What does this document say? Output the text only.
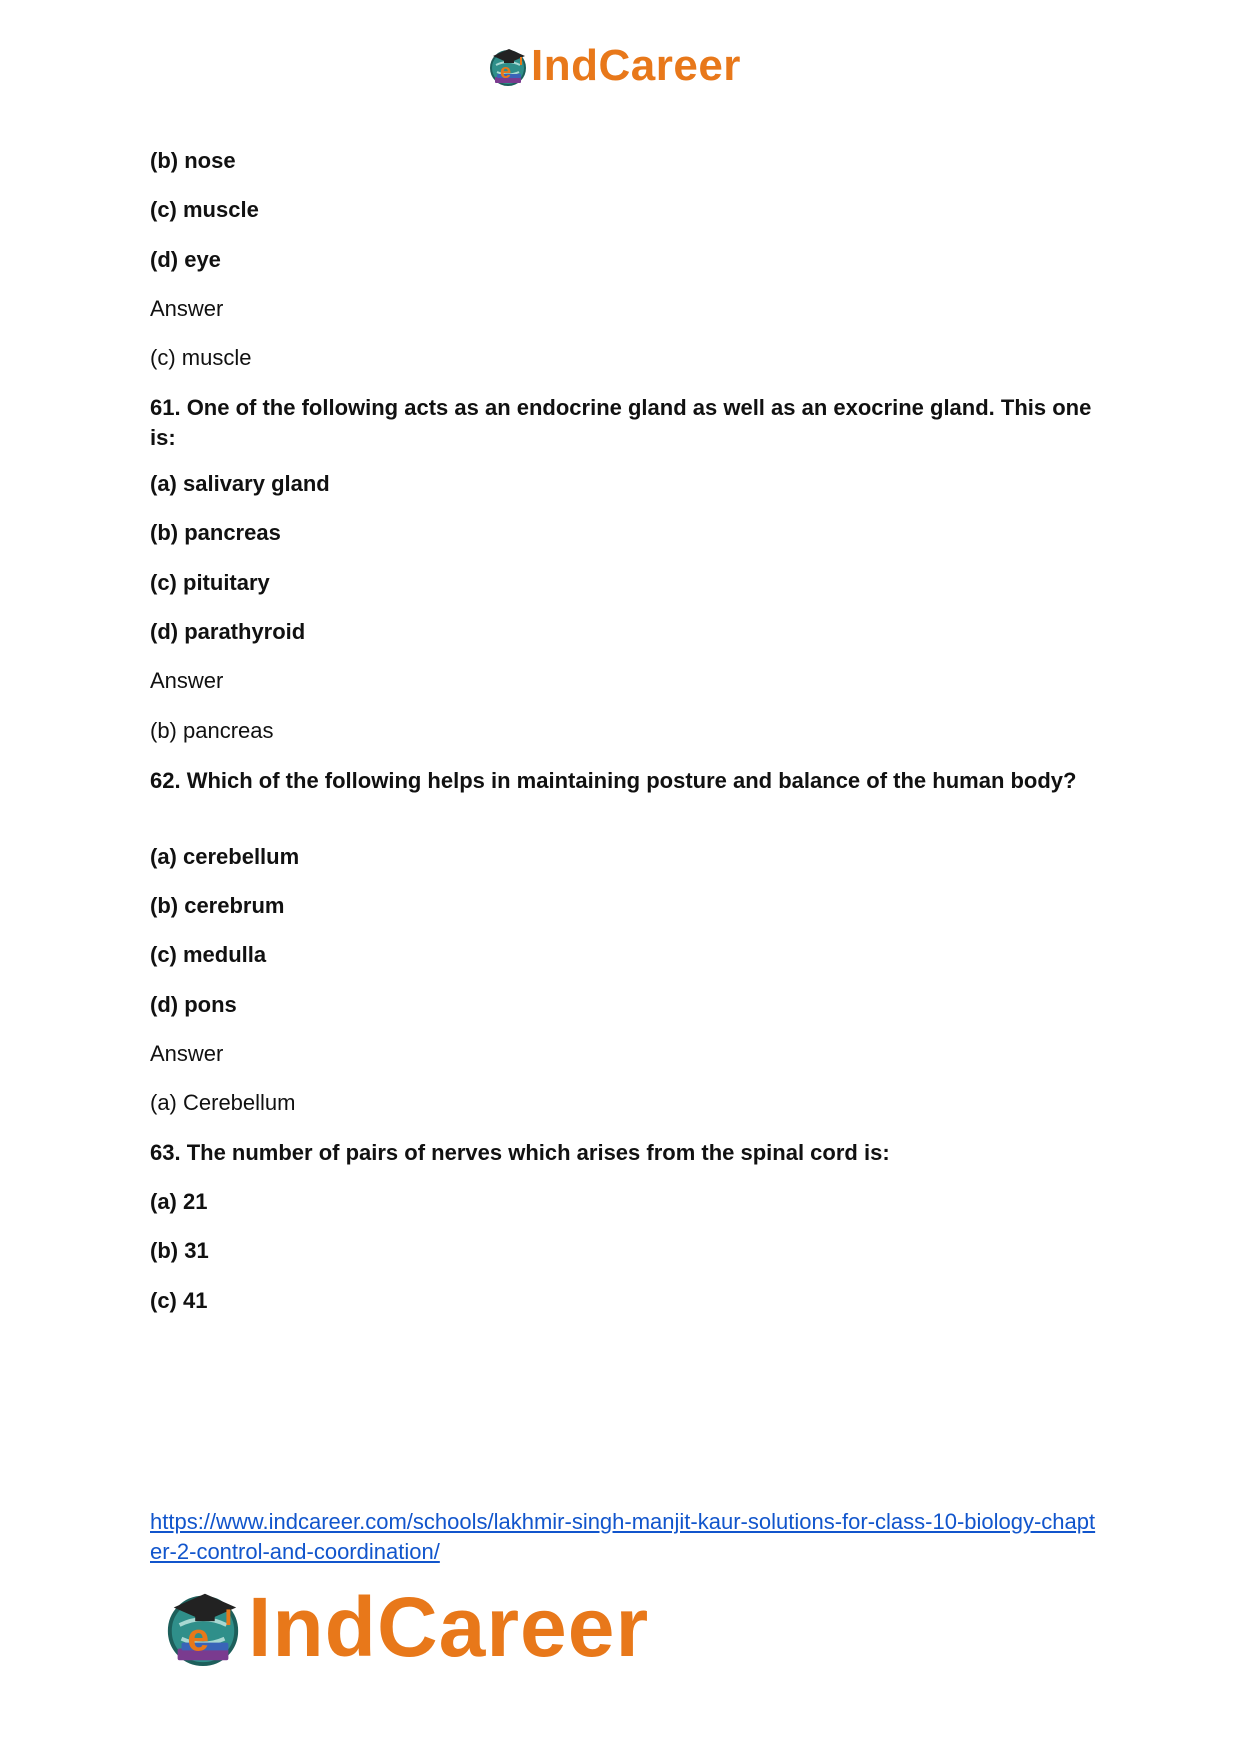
e IndCareer
(b) nose
(c) muscle
(d) eye
Answer
(c) muscle
61. One of the following acts as an endocrine gland as well as an exocrine gland. This one is:
(a) salivary gland
(b) pancreas
(c) pituitary
(d) parathyroid
Answer
(b) pancreas
62. Which of the following helps in maintaining posture and balance of the human body?
(a) cerebellum
(b) cerebrum
(c) medulla
(d) pons
Answer
(a) Cerebellum
63. The number of pairs of nerves which arises from the spinal cord is:
(a) 21
(b) 31
(c) 41
https://www.indcareer.com/schools/lakhmir-singh-manjit-kaur-solutions-for-class-10-biology-chapter-2-control-and-coordination/
e IndCareer
